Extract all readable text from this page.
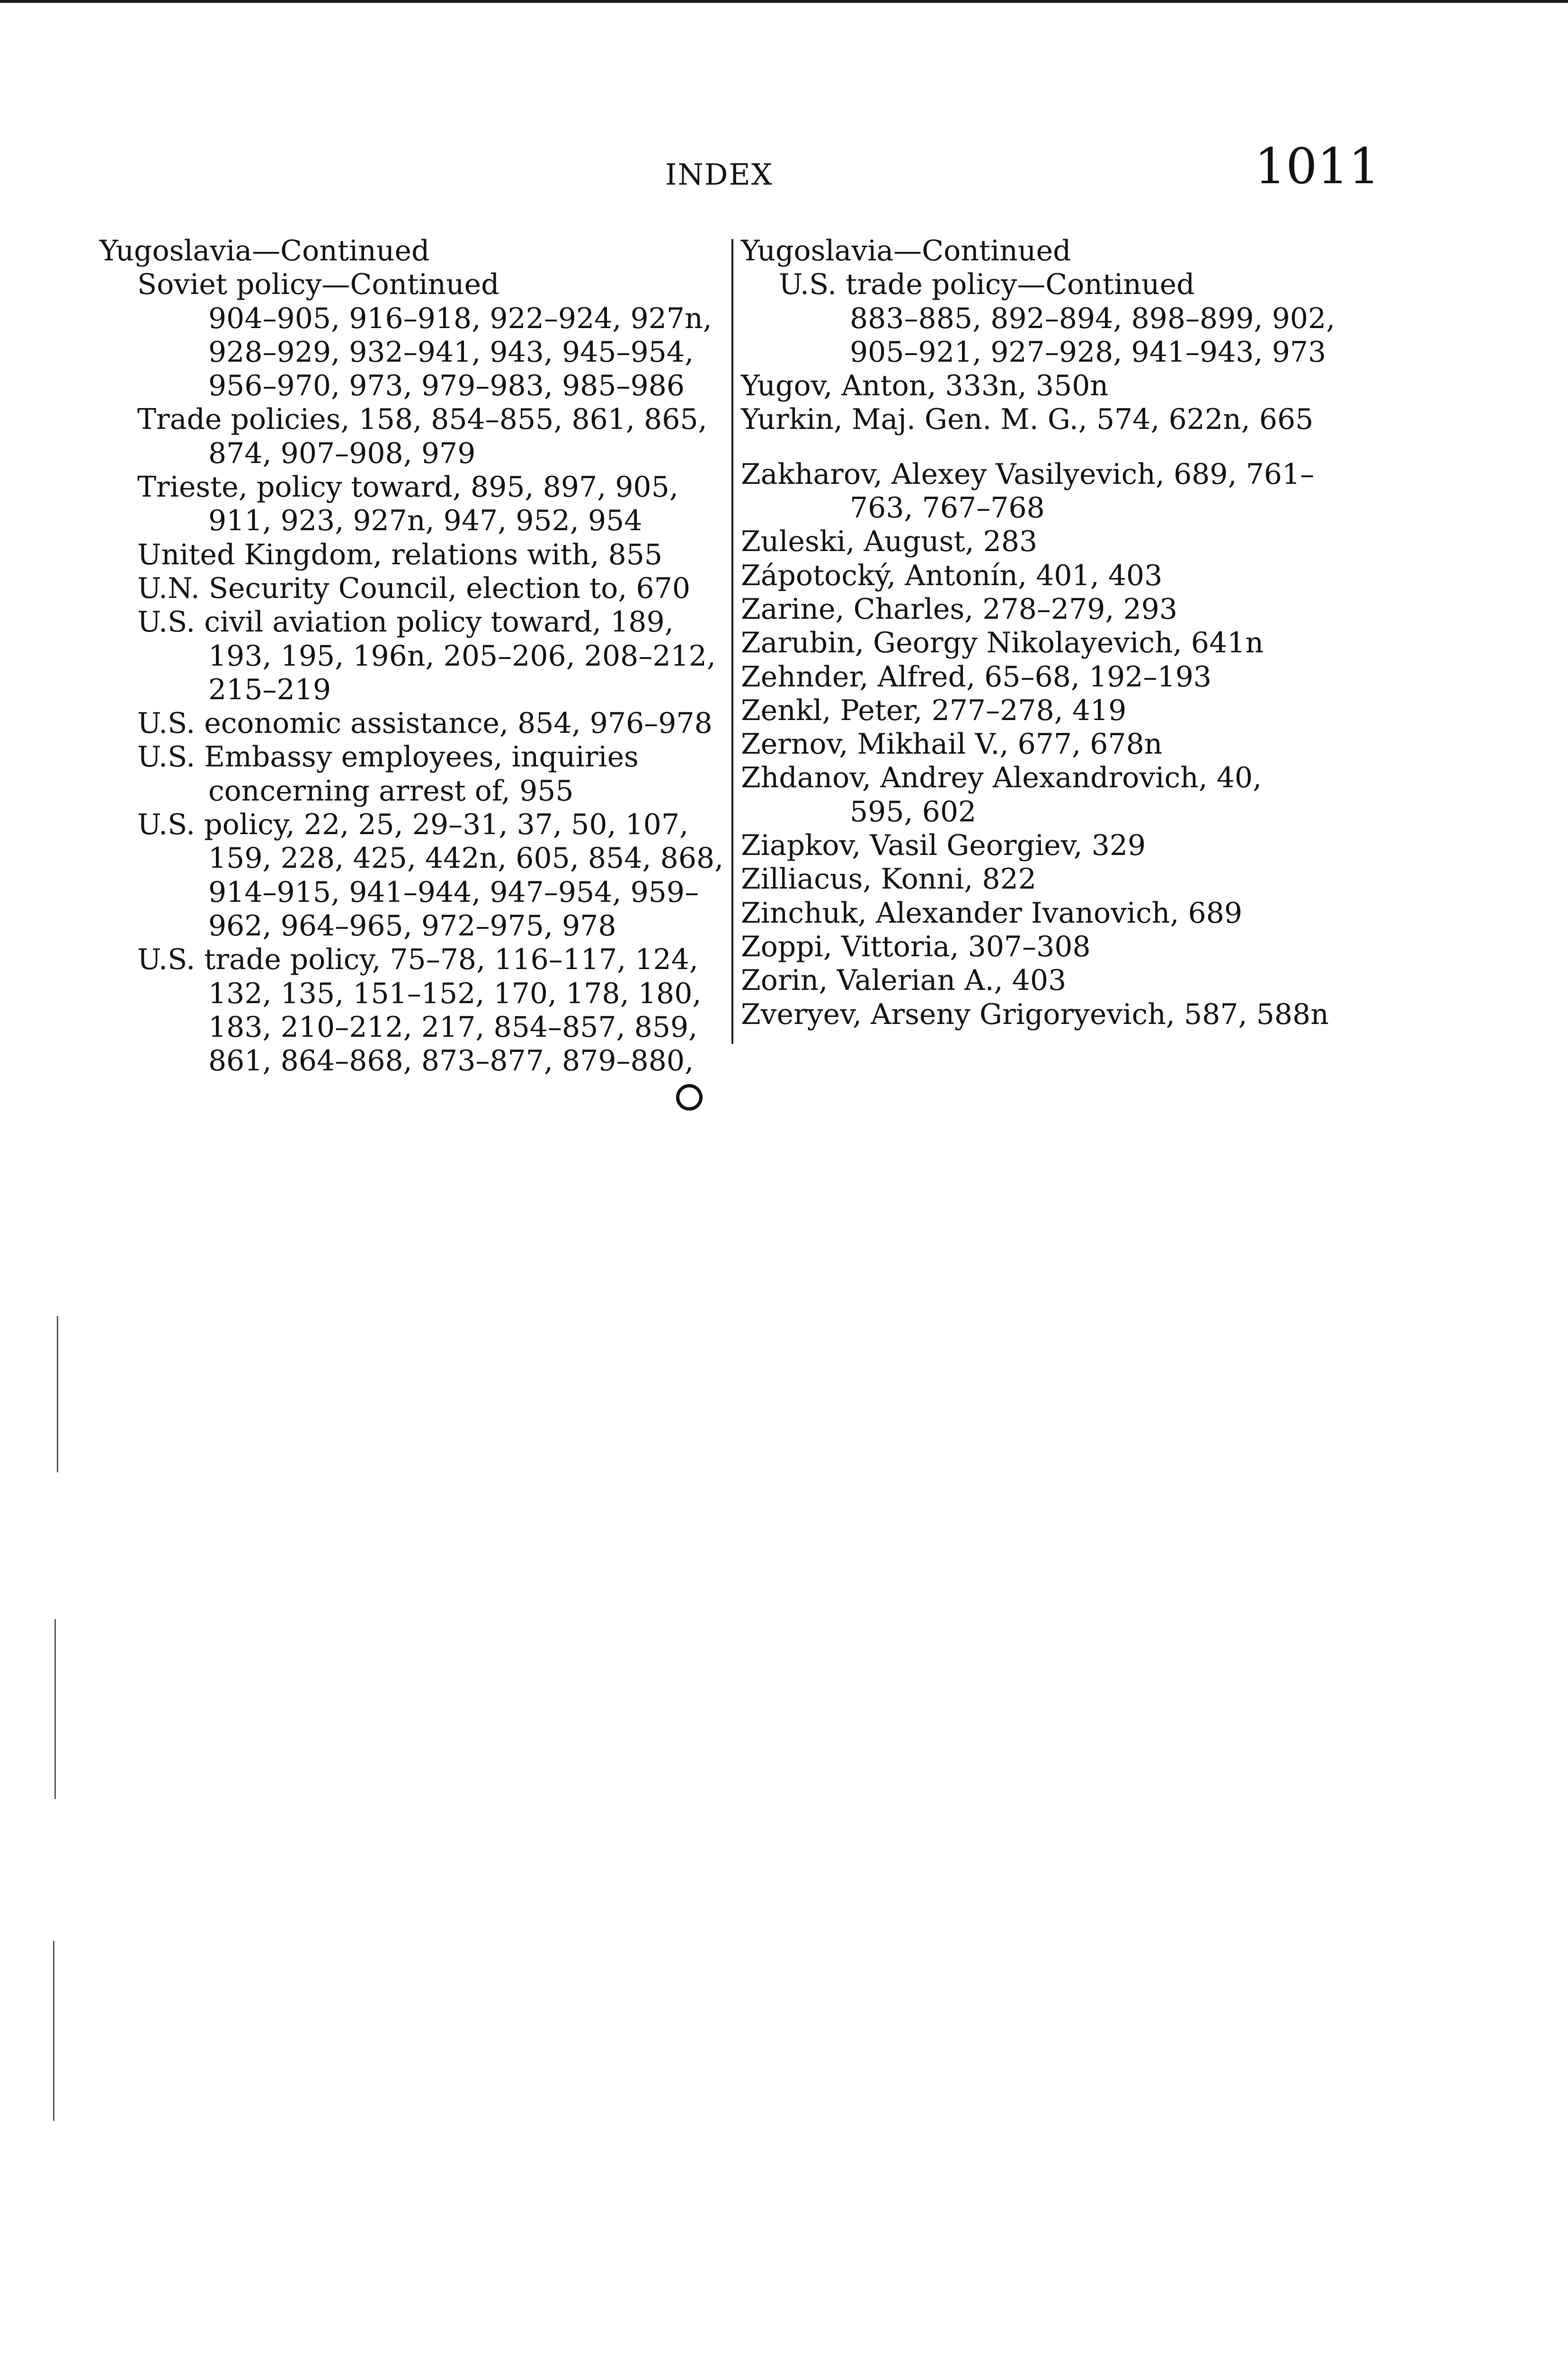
INDEX	1011
Yugoslavia—Continued
Soviet policy—Continued
904–905, 916–918, 922–924, 927n,
928–929, 932–941, 943, 945–954,
956–970, 973, 979–983, 985–986
Trade policies, 158, 854–855, 861, 865,
874, 907–908, 979
Trieste, policy toward, 895, 897, 905,
911, 923, 927n, 947, 952, 954
United Kingdom, relations with, 855
U.N. Security Council, election to, 670
U.S. civil aviation policy toward, 189,
193, 195, 196n, 205–206, 208–212,
215–219
U.S. economic assistance, 854, 976–978
U.S. Embassy employees, inquiries
concerning arrest of, 955
U.S. policy, 22, 25, 29–31, 37, 50, 107,
159, 228, 425, 442n, 605, 854, 868,
914–915, 941–944, 947–954, 959–
962, 964–965, 972–975, 978
U.S. trade policy, 75–78, 116–117, 124,
132, 135, 151–152, 170, 178, 180,
183, 210–212, 217, 854–857, 859,
861, 864–868, 873–877, 879–880,
Yugoslavia—Continued
U.S. trade policy—Continued
883–885, 892–894, 898–899, 902,
905–921, 927–928, 941–943, 973
Yugov, Anton, 333n, 350n
Yurkin, Maj. Gen. M. G., 574, 622n, 665
Zakharov, Alexey Vasilyevich, 689, 761–
763, 767–768
Zuleski, August, 283
Zápotocký, Antonín, 401, 403
Zarine, Charles, 278–279, 293
Zarubin, Georgy Nikolayevich, 641n
Zehnder, Alfred, 65–68, 192–193
Zenkl, Peter, 277–278, 419
Zernov, Mikhail V., 677, 678n
Zhdanov, Andrey Alexandrovich, 40,
595, 602
Ziapkov, Vasil Georgiev, 329
Zilliacus, Konni, 822
Zinchuk, Alexander Ivanovich, 689
Zoppi, Vittoria, 307–308
Zorin, Valerian A., 403
Zveryev, Arseny Grigoryevich, 587, 588n
